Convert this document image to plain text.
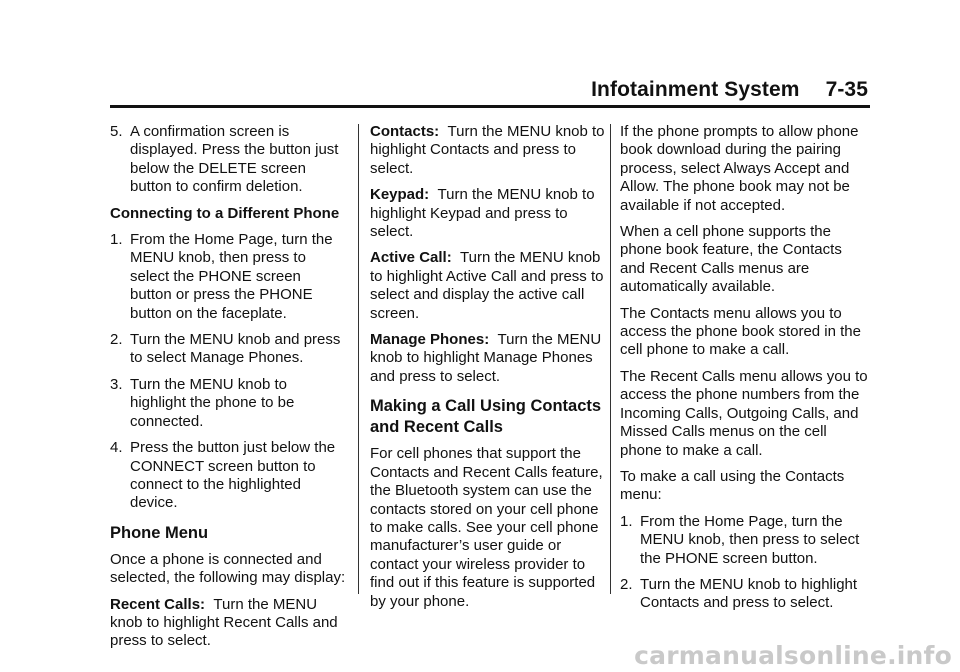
Infotainment System 7-35
5. A confirmation screen is displayed. Press the button just below the DELETE screen button to confirm deletion.
Connecting to a Different Phone
1. From the Home Page, turn the MENU knob, then press to select the PHONE screen button or press the PHONE button on the faceplate.
2. Turn the MENU knob and press to select Manage Phones.
3. Turn the MENU knob to highlight the phone to be connected.
4. Press the button just below the CONNECT screen button to connect to the highlighted device.
Phone Menu

Once a phone is connected and selected, the following may display:

Recent Calls: Turn the MENU knob to highlight Recent Calls and press to select.

Contacts: Turn the MENU knob to highlight Contacts and press to select.

Keypad: Turn the MENU knob to highlight Keypad and press to select.

Active Call: Turn the MENU knob to highlight Active Call and press to select and display the active call screen.

Manage Phones: Turn the MENU knob to highlight Manage Phones and press to select.

Making a Call Using Contacts and Recent Calls

For cell phones that support the Contacts and Recent Calls feature, the Bluetooth system can use the contacts stored on your cell phone to make calls. See your cell phone manufacturer’s user guide or contact your wireless provider to find out if this feature is supported by your phone.

If the phone prompts to allow phone book download during the pairing process, select Always Accept and Allow. The phone book may not be available if not accepted.

When a cell phone supports the phone book feature, the Contacts and Recent Calls menus are automatically available.

The Contacts menu allows you to access the phone book stored in the cell phone to make a call.

The Recent Calls menu allows you to access the phone numbers from the Incoming Calls, Outgoing Calls, and Missed Calls menus on the cell phone to make a call.

To make a call using the Contacts menu:

1. From the Home Page, turn the MENU knob, then press to select the PHONE screen button.
2. Turn the MENU knob to highlight Contacts and press to select.
carmanualsonline.info
